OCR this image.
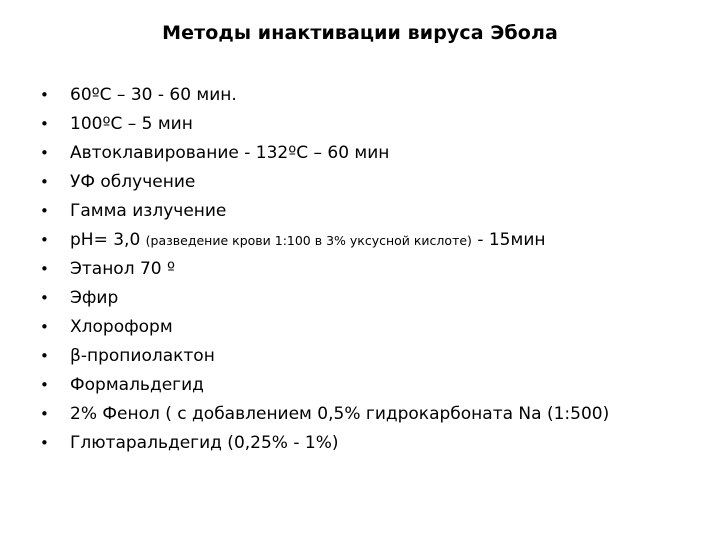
Методы инактивации вируса Эбола
•	60ºС – 30 - 60 мин.
•	100ºС – 5 мин
•	Автоклавирование - 132ºС – 60 мин
•	УФ облучение
•	Гамма излучение
•	рН= 3,0 (разведение крови 1:100 в 3% уксусной кислоте) - 15мин
•	Этанол 70 º
•	Эфир
•	Хлороформ
•	β-пропиолактон
•	Формальдегид
•	2% Фенол ( с добавлением 0,5% гидрокарбоната Na (1:500)
•	Глютаральдегид (0,25% - 1%)
